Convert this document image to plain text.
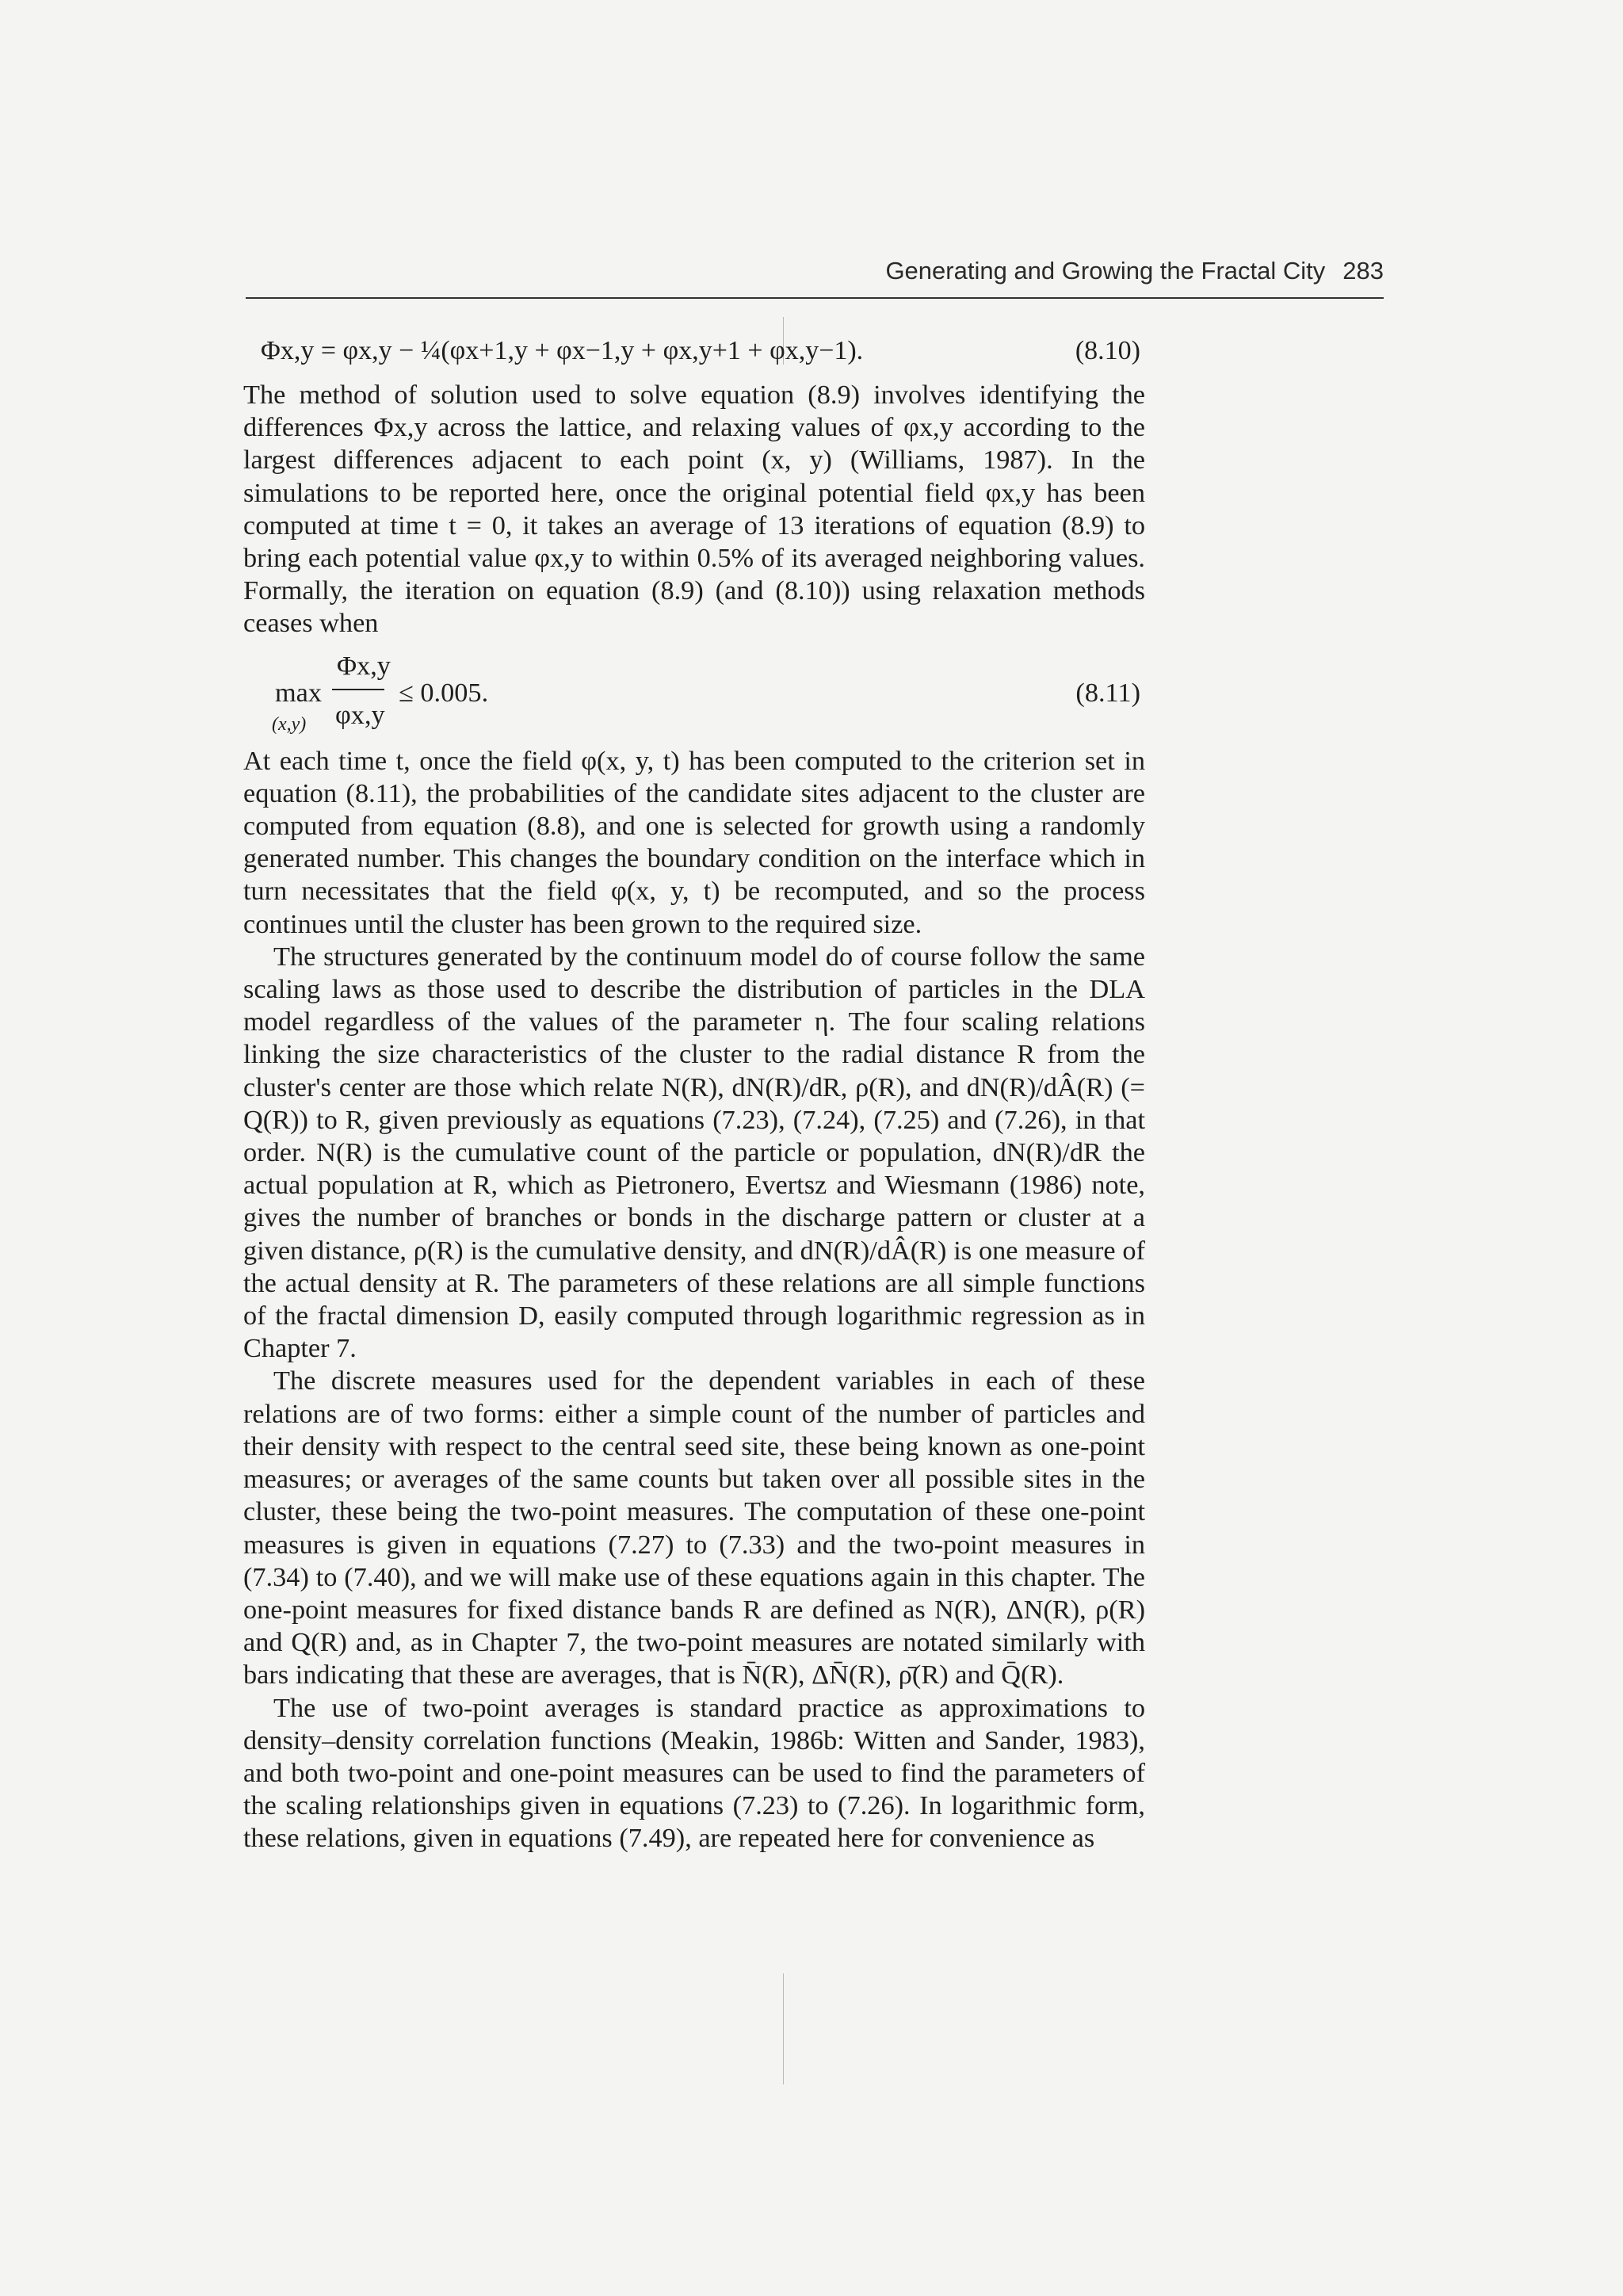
Generating and Growing the Fractal City 283
Φx,y = φx,y − ¼(φx+1,y + φx−1,y + φx,y+1 + φx,y−1).	(8.10)

The method of solution used to solve equation (8.9) involves identifying the differences Φx,y across the lattice, and relaxing values of φx,y according to the largest differences adjacent to each point (x, y) (Williams, 1987). In the simulations to be reported here, once the original potential field φx,y has been computed at time t = 0, it takes an average of 13 iterations of equation (8.9) to bring each potential value φx,y to within 0.5% of its averaged neighboring values. Formally, the iteration on equation (8.9) (and (8.10)) using relaxation methods ceases when

max
(x,y)
Φx,y
φx,y
≤ 0.005.	(8.11)

At each time t, once the field φ(x, y, t) has been computed to the criterion set in equation (8.11), the probabilities of the candidate sites adjacent to the cluster are computed from equation (8.8), and one is selected for growth using a randomly generated number. This changes the boundary condition on the interface which in turn necessitates that the field φ(x, y, t) be recomputed, and so the process continues until the cluster has been grown to the required size.

The structures generated by the continuum model do of course follow the same scaling laws as those used to describe the distribution of particles in the DLA model regardless of the values of the parameter η. The four scaling relations linking the size characteristics of the cluster to the radial distance R from the cluster's center are those which relate N(R), dN(R)/dR, ρ(R), and dN(R)/dÂ(R) (= Q(R)) to R, given previously as equations (7.23), (7.24), (7.25) and (7.26), in that order. N(R) is the cumulative count of the particle or population, dN(R)/dR the actual population at R, which as Pietronero, Evertsz and Wiesmann (1986) note, gives the number of branches or bonds in the discharge pattern or cluster at a given distance, ρ(R) is the cumulative density, and dN(R)/dÂ(R) is one measure of the actual density at R. The parameters of these relations are all simple functions of the fractal dimension D, easily computed through logarithmic regression as in Chapter 7.

The discrete measures used for the dependent variables in each of these relations are of two forms: either a simple count of the number of particles and their density with respect to the central seed site, these being known as one-point measures; or averages of the same counts but taken over all possible sites in the cluster, these being the two-point measures. The computation of these one-point measures is given in equations (7.27) to (7.33) and the two-point measures in (7.34) to (7.40), and we will make use of these equations again in this chapter. The one-point measures for fixed distance bands R are defined as N(R), ΔN(R), ρ(R) and Q(R) and, as in Chapter 7, the two-point measures are notated similarly with bars indicating that these are averages, that is N̄(R), ΔN̄(R), ρ̄(R) and Q̄(R).

The use of two-point averages is standard practice as approximations to density–density correlation functions (Meakin, 1986b: Witten and Sander, 1983), and both two-point and one-point measures can be used to find the parameters of the scaling relationships given in equations (7.23) to (7.26). In logarithmic form, these relations, given in equations (7.49), are repeated here for convenience as
